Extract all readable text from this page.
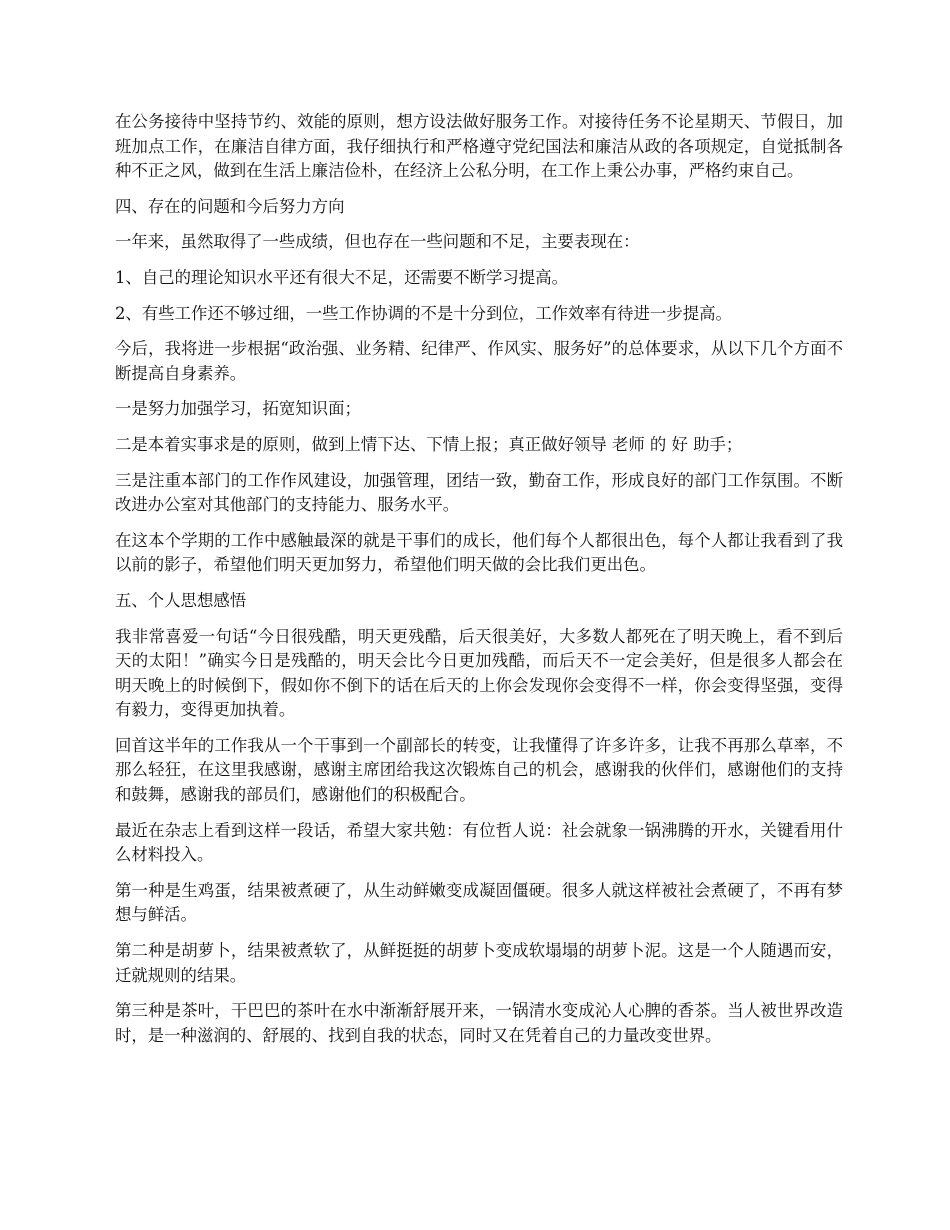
在公务接待中坚持节约、效能的原则，想方设法做好服务工作。对接待任务不论星期天、节假日，加班加点工作，在廉洁自律方面，我仔细执行和严格遵守党纪国法和廉洁从政的各项规定，自觉抵制各种不正之风，做到在生活上廉洁俭朴，在经济上公私分明，在工作上秉公办事，严格约束自己。

四、存在的问题和今后努力方向

一年来，虽然取得了一些成绩，但也存在一些问题和不足，主要表现在：

1、自己的理论知识水平还有很大不足，还需要不断学习提高。

2、有些工作还不够过细，一些工作协调的不是十分到位，工作效率有待进一步提高。

今后，我将进一步根据“政治强、业务精、纪律严、作风实、服务好”的总体要求，从以下几个方面不断提高自身素养。

一是努力加强学习，拓宽知识面；

二是本着实事求是的原则，做到上情下达、下情上报；真正做好领导 老师 的 好 助手；

三是注重本部门的工作作风建设，加强管理，团结一致，勤奋工作，形成良好的部门工作氛围。不断改进办公室对其他部门的支持能力、服务水平。

在这本个学期的工作中感触最深的就是干事们的成长，他们每个人都很出色，每个人都让我看到了我以前的影子，希望他们明天更加努力，希望他们明天做的会比我们更出色。

五、个人思想感悟

我非常喜爱一句话“今日很残酷，明天更残酷，后天很美好，大多数人都死在了明天晚上，看不到后天的太阳！”确实今日是残酷的，明天会比今日更加残酷，而后天不一定会美好，但是很多人都会在明天晚上的时候倒下，假如你不倒下的话在后天的上你会发现你会变得不一样，你会变得坚强，变得有毅力，变得更加执着。

回首这半年的工作我从一个干事到一个副部长的转变，让我懂得了许多许多，让我不再那么草率，不那么轻狂，在这里我感谢，感谢主席团给我这次锻炼自己的机会，感谢我的伙伴们，感谢他们的支持和鼓舞，感谢我的部员们，感谢他们的积极配合。

最近在杂志上看到这样一段话，希望大家共勉：有位哲人说：社会就象一锅沸腾的开水，关键看用什么材料投入。

第一种是生鸡蛋，结果被煮硬了，从生动鲜嫩变成凝固僵硬。很多人就这样被社会煮硬了，不再有梦想与鲜活。

第二种是胡萝卜，结果被煮软了，从鲜挺挺的胡萝卜变成软塌塌的胡萝卜泥。这是一个人随遇而安，迁就规则的结果。

第三种是茶叶，干巴巴的茶叶在水中渐渐舒展开来，一锅清水变成沁人心脾的香茶。当人被世界改造时，是一种滋润的、舒展的、找到自我的状态，同时又在凭着自己的力量改变世界。
